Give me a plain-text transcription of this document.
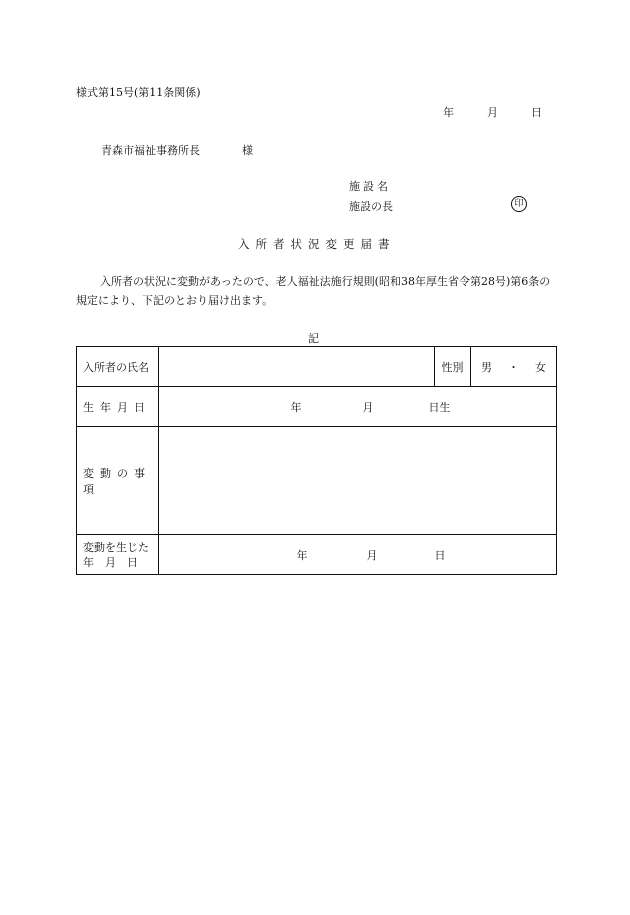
様式第15号(第11条関係)
年	月	日
青森市福祉事務所長	様
施設名
施設の長	印
入所者状況変更届書
入所者の状況に変動があったので、老人福祉法施行規則(昭和38年厚生省令第28号)第6条の規定により、下記のとおり届け出ます。
記
入所者の氏名		性別	男 ・ 女
生年月日	年 月 日生		
変動の事項			

変動を生じた
年　月　日	年 月 日		
